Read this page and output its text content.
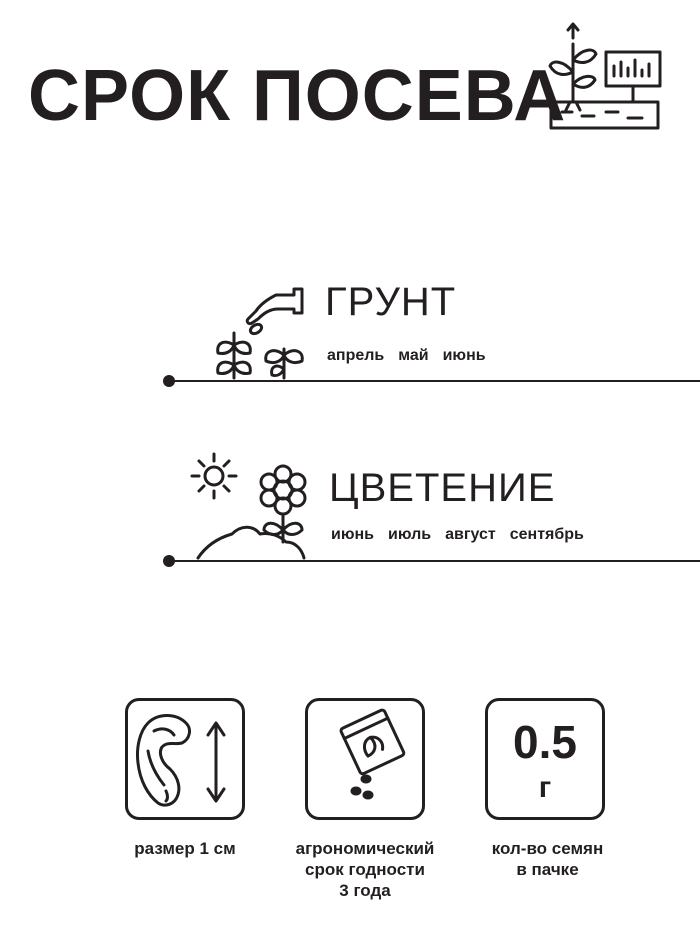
СРОК ПОСЕВА
ГРУНТ
апрель май июнь
ЦВЕТЕНИЕ
июнь июль август сентябрь
0.5
г
размер 1 см	агрономический
срок годности
3 года
кол-во семян
в пачке
